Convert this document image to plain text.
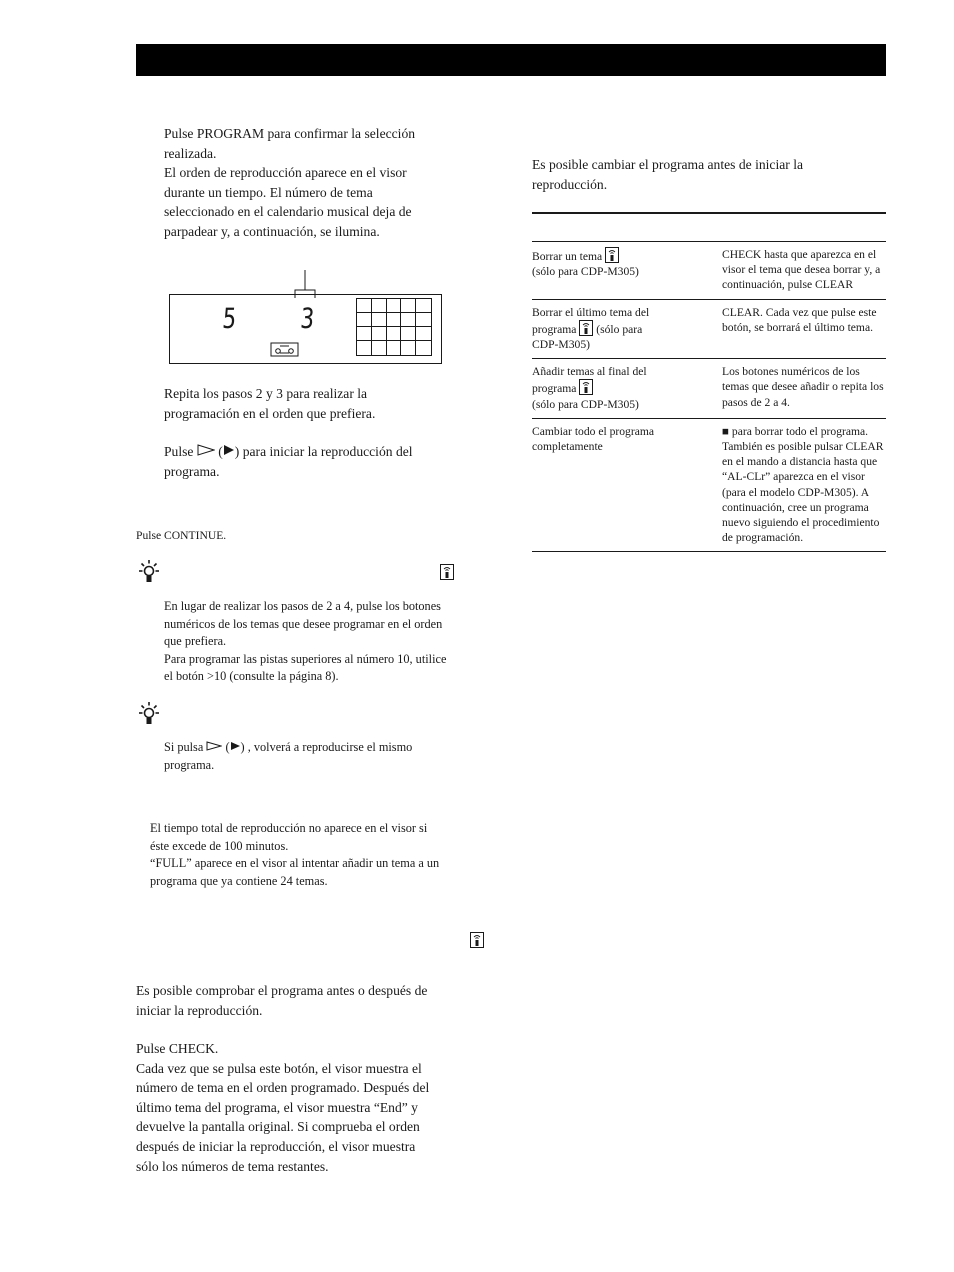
Pulse PROGRAM para confirmar la selección
realizada.
El orden de reproducción aparece en el visor
durante un tiempo. El número de tema
seleccionado en el calendario musical deja de
parpadear y, a continuación, se ilumina.
5 3
Repita los pasos 2 y 3 para realizar la
programación en el orden que prefiera.
Pulse  ( ) para iniciar la reproducción del
programa.
Pulse CONTINUE.

En lugar de realizar los pasos de 2 a 4, pulse los botones
numéricos de los temas que desee programar en el orden
que prefiera.
Para programar las pistas superiores al número 10, utilice
el botón >10 (consulte la página 8).
Si pulsa  ( ) , volverá a reproducirse el mismo
programa.
El tiempo total de reproducción no aparece en el visor si
éste excede de 100 minutos.
“FULL” aparece en el visor al intentar añadir un tema a un
programa que ya contiene 24 temas.
Es posible comprobar el programa antes o después de
iniciar la reproducción.
Pulse CHECK.
Cada vez que se pulsa este botón, el visor muestra el
número de tema en el orden programado. Después del
último tema del programa, el visor muestra “End” y
devuelve la pantalla original. Si comprueba el orden
después de iniciar la reproducción, el visor muestra
sólo los números de tema restantes.
Es posible cambiar el programa antes de iniciar la
reproducción.
Borrar un tema
(sólo para CDP-M305)	CHECK hasta que aparezca en el visor el tema que desea borrar y, a continuación, pulse CLEAR

Borrar el último tema del
programa
(sólo para
CDP-M305)	CLEAR. Cada vez que pulse este botón, se borrará el último tema.

Añadir temas al final del
programa
(sólo para CDP-M305)	Los botones numéricos de los temas que desee añadir o repita los pasos de 2 a 4.

Cambiar todo el programa
completamente	■ para borrar todo el programa. También es posible pulsar CLEAR en el mando a distancia hasta que “AL-CLr” aparezca en el visor (para el modelo CDP-M305). A continuación, cree un programa nuevo siguiendo el procedimiento de programación.
